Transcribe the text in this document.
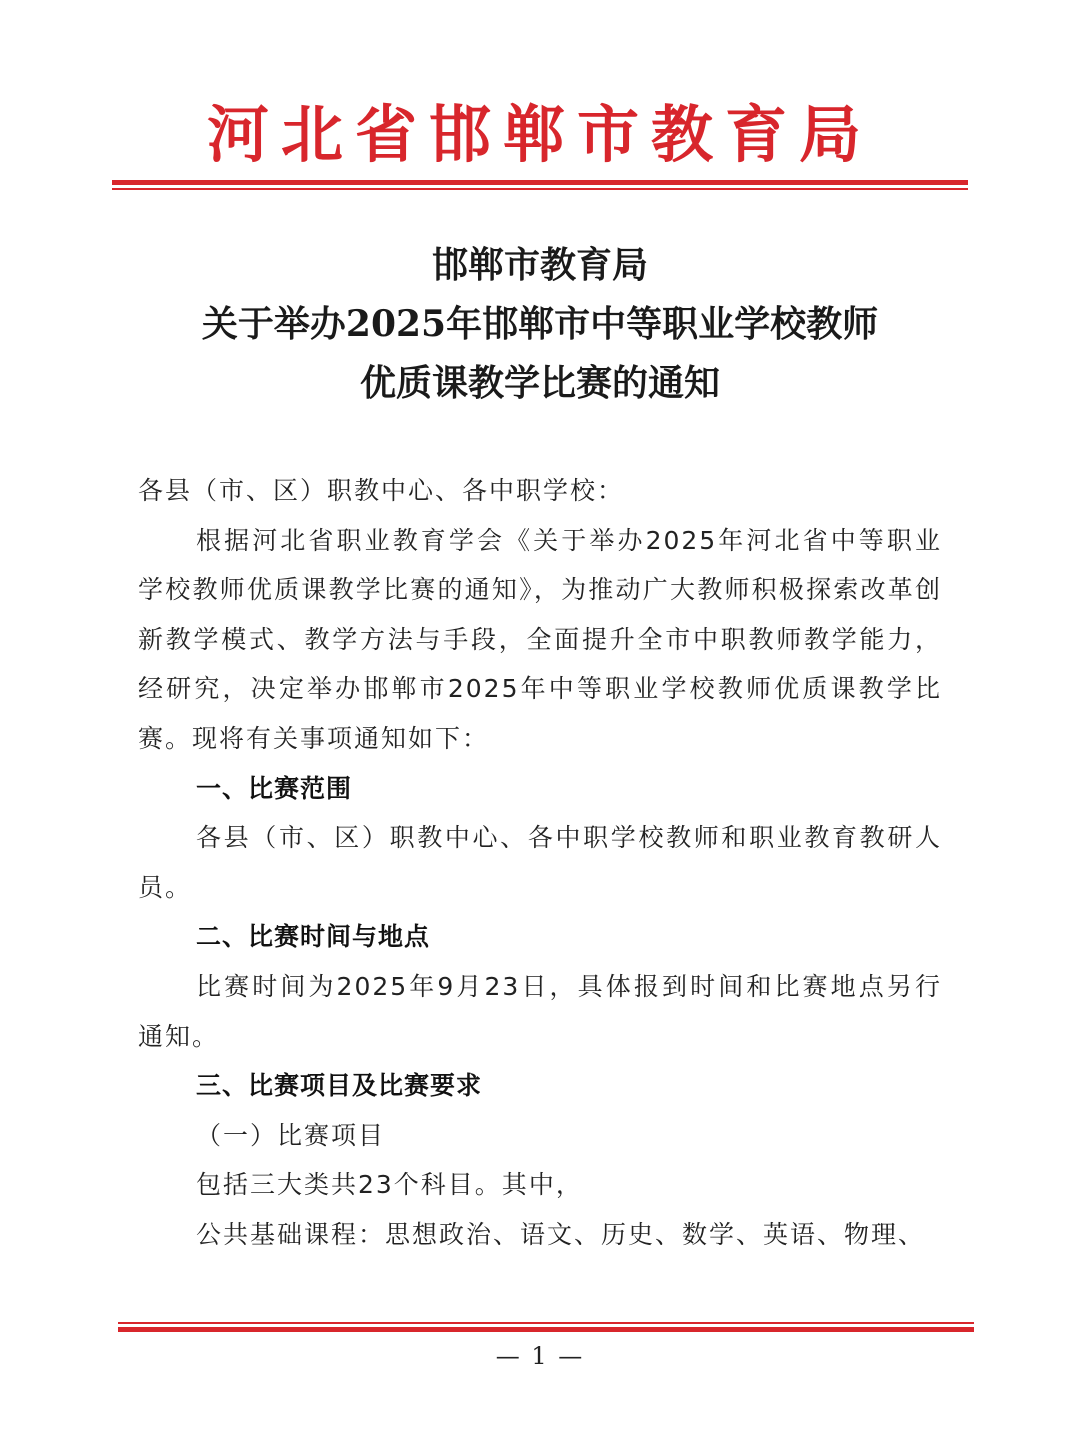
河北省邯郸市教育局
邯郸市教育局
关于举办2025年邯郸市中等职业学校教师
优质课教学比赛的通知

各县（市、区）职教中心、各中职学校：

根据河北省职业教育学会《关于举办2025年河北省中等职业学校教师优质课教学比赛的通知》，为推动广大教师积极探索改革创新教学模式、教学方法与手段，全面提升全市中职教师教学能力，经研究，决定举办邯郸市2025年中等职业学校教师优质课教学比赛。现将有关事项通知如下：

一、比赛范围

各县（市、区）职教中心、各中职学校教师和职业教育教研人员。

二、比赛时间与地点

比赛时间为2025年9月23日，具体报到时间和比赛地点另行通知。

三、比赛项目及比赛要求

（一）比赛项目

包括三大类共23个科目。其中，

公共基础课程：思想政治、语文、历史、数学、英语、物理、

— 1 —
